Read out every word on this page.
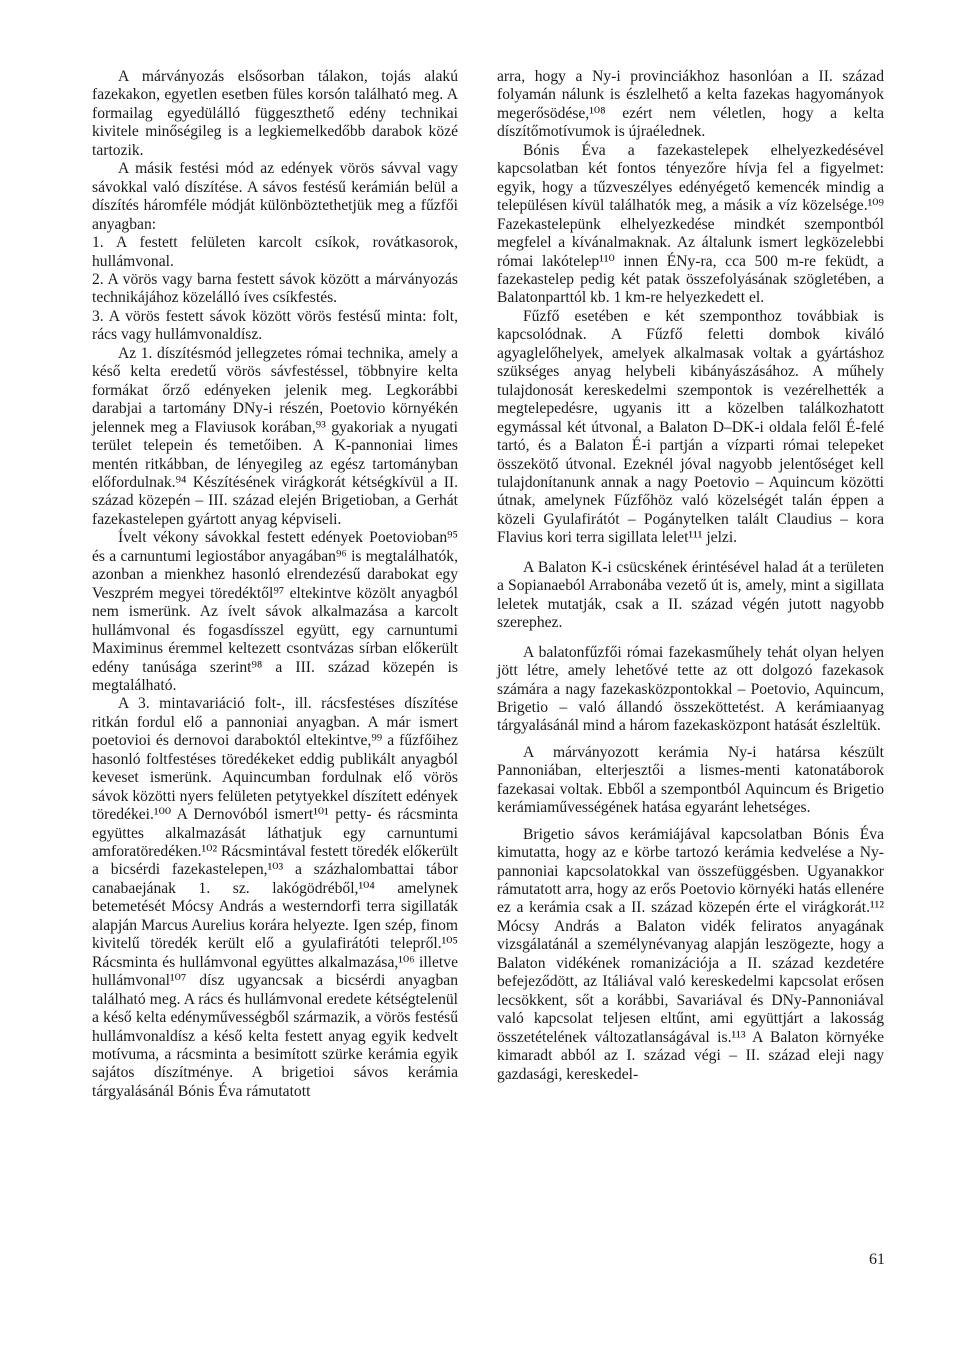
A márványozás elsősorban tálakon, tojás alakú fazekakon, egyetlen esetben füles korsón található meg. A formailag egyedülálló függeszthető edény technikai kivitele minőségileg is a legkiemelkedőbb darabok közé tartozik.

A másik festési mód az edények vörös sávval vagy sávokkal való díszítése. A sávos festésű kerámián belül a díszítés háromféle módját különböztethetjük meg a fűzfői anyagban:

1. A festett felületen karcolt csíkok, rovátkasorok, hullámvonal.

2. A vörös vagy barna festett sávok között a márványozás technikájához közelálló íves csíkfestés.

3. A vörös festett sávok között vörös festésű minta: folt, rács vagy hullámvonaldísz.

Az 1. díszítésmód jellegzetes római technika, amely a késő kelta eredetű vörös sávfestéssel, többnyire kelta formákat őrző edényeken jelenik meg. Legkorábbi darabjai a tartomány DNy-i részén, Poetovio környékén jelennek meg a Flaviusok korában,⁹³ gyakoriak a nyugati terület telepein és temetőiben. A K-pannoniai limes mentén ritkábban, de lényegileg az egész tartományban előfordulnak.⁹⁴ Készítésének virágkorát kétségkívül a II. század közepén – III. század elején Brigetioban, a Gerhát fazekastelepen gyártott anyag képviseli.

Ívelt vékony sávokkal festett edények Poetovioban⁹⁵ és a carnuntumi legiostábor anyagában⁹⁶ is megtalálhatók, azonban a mienkhez hasonló elrendezésű darabokat egy Veszprém megyei töredéktől⁹⁷ eltekintve közölt anyagból nem ismerünk. Az ívelt sávok alkalmazása a karcolt hullámvonal és fogasdísszel együtt, egy carnuntumi Maximinus éremmel keltezett csontvázas sírban előkerült edény tanúsága szerint⁹⁸ a III. század közepén is megtalálható.

A 3. mintavariáció folt-, ill. rácsfestéses díszítése ritkán fordul elő a pannoniai anyagban. A már ismert poetovioi és dernovoi daraboktól eltekintve,⁹⁹ a fűzfőihez hasonló foltfestéses töredékeket eddig publikált anyagból keveset ismerünk. Aquincumban fordulnak elő vörös sávok közötti nyers felületen petytyekkel díszített edények töredékei.¹⁰⁰ A Dernovóból ismert¹⁰¹ petty- és rácsminta együttes alkalmazását láthatjuk egy carnuntumi amforatöredéken.¹⁰² Rácsmintával festett töredék előkerült a bicsérdi fazekastelepen,¹⁰³ a százhalombattai tábor canabaejának 1. sz. lakógödréből,¹⁰⁴ amelynek betemetését Mócsy András a westerndorfi terra sigillaták alapján Marcus Aurelius korára helyezte. Igen szép, finom kivitelű töredék került elő a gyulafirátóti telepről.¹⁰⁵ Rácsminta és hullámvonal együttes alkalmazása,¹⁰⁶ illetve hullámvonal¹⁰⁷ dísz ugyancsak a bicsérdi anyagban található meg. A rács és hullámvonal eredete kétségtelenül a késő kelta edényművességből származik, a vörös festésű hullámvonaldísz a késő kelta festett anyag egyik kedvelt motívuma, a rácsminta a besimított szürke kerámia egyik sajátos díszítménye. A brigetioi sávos kerámia tárgyalásánál Bónis Éva rámutatott

arra, hogy a Ny-i provinciákhoz hasonlóan a II. század folyamán nálunk is észlelhető a kelta fazekas hagyományok megerősödése,¹⁰⁸ ezért nem véletlen, hogy a kelta díszítőmotívumok is újraélednek.

Bónis Éva a fazekastelepek elhelyezkedésével kapcsolatban két fontos tényezőre hívja fel a figyelmet: egyik, hogy a tűzveszélyes edényégető kemencék mindig a településen kívül találhatók meg, a másik a víz közelsége.¹⁰⁹ Fazekastelepünk elhelyezkedése mindkét szempontból megfelel a kívánalmaknak. Az általunk ismert legközelebbi római lakótelep¹¹⁰ innen ÉNy-ra, cca 500 m-re feküdt, a fazekastelep pedig két patak összefolyásának szögletében, a Balatonparttól kb. 1 km-re helyezkedett el.

Fűzfő esetében e két szemponthoz továbbiak is kapcsolódnak. A Fűzfő feletti dombok kiváló agyaglelőhelyek, amelyek alkalmasak voltak a gyártáshoz szükséges anyag helybeli kibányászásához. A műhely tulajdonosát kereskedelmi szempontok is vezérelhették a megtelepedésre, ugyanis itt a közelben találkozhatott egymással két útvonal, a Balaton D–DK-i oldala felől É-felé tartó, és a Balaton É-i partján a vízparti római telepeket összekötő útvonal. Ezeknél jóval nagyobb jelentőséget kell tulajdonítanunk annak a nagy Poetovio – Aquincum közötti útnak, amelynek Fűzfőhöz való közelségét talán éppen a közeli Gyulafirátót – Pogánytelken talált Claudius – kora Flavius kori terra sigillata lelet¹¹¹ jelzi.

A Balaton K-i csücskének érintésével halad át a területen a Sopianaeból Arrabonába vezető út is, amely, mint a sigillata leletek mutatják, csak a II. század végén jutott nagyobb szerephez.

A balatonfűzfői római fazekasműhely tehát olyan helyen jött létre, amely lehetővé tette az ott dolgozó fazekasok számára a nagy fazekasközpontokkal – Poetovio, Aquincum, Brigetio – való állandó összeköttetést. A kerámiaanyag tárgyalásánál mind a három fazekasközpont hatását észleltük.

A márványozott kerámia Ny-i határsa készült Pannoniában, elterjesztői a lismes-menti katonatáborok fazekasai voltak. Ebből a szempontból Aquincum és Brigetio kerámiaművességének hatása egyaránt lehetséges.

Brigetio sávos kerámiájával kapcsolatban Bónis Éva kimutatta, hogy az e körbe tartozó kerámia kedvelése a Ny-pannoniai kapcsolatokkal van összefüggésben. Ugyanakkor rámutatott arra, hogy az erős Poetovio környéki hatás ellenére ez a kerámia csak a II. század közepén érte el virágkorát.¹¹² Mócsy András a Balaton vidék feliratos anyagának vizsgálatánál a személynévanyag alapján leszögezte, hogy a Balaton vidékének romanizációja a II. század kezdetére befejeződött, az Itáliával való kereskedelmi kapcsolat erősen lecsökkent, sőt a korábbi, Savariával és DNy-Pannoniával való kapcsolat teljesen eltűnt, ami együttjárt a lakosság összetételének változatlanságával is.¹¹³ A Balaton környéke kimaradt abból az I. század végi – II. század eleji nagy gazdasági, kereskedel-

61
